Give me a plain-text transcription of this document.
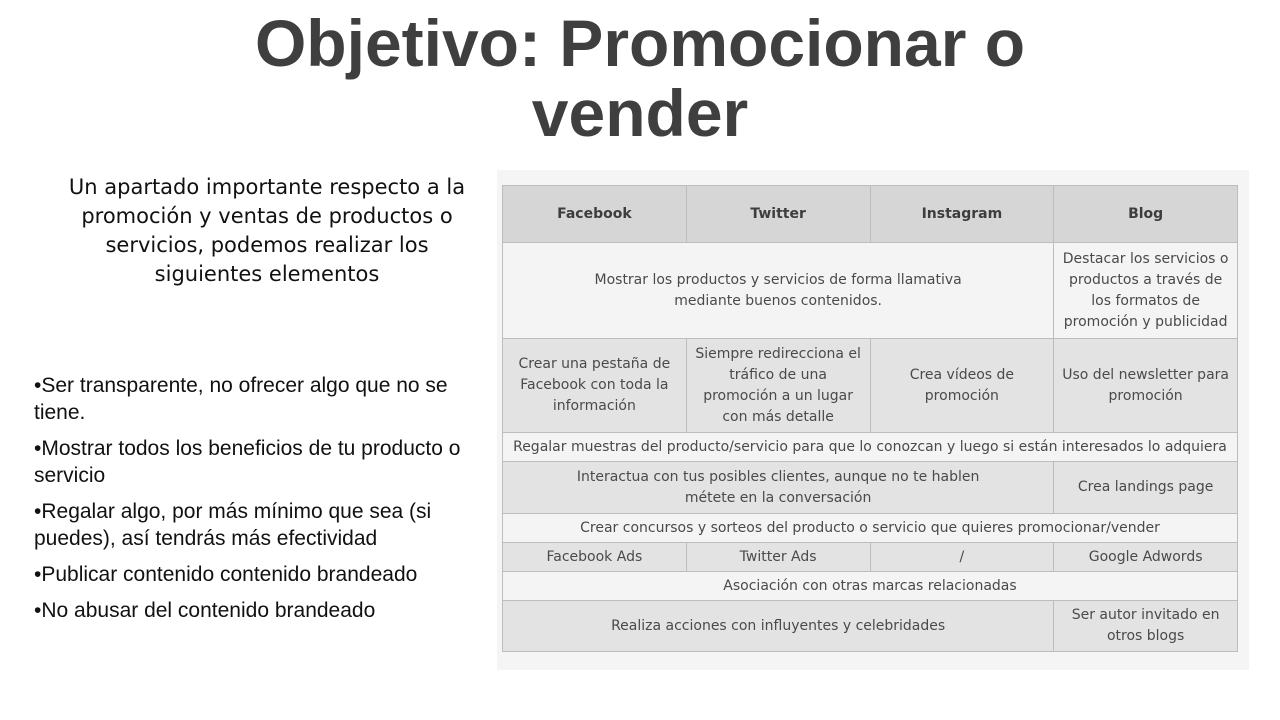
Objetivo: Promocionar o vender
Un apartado importante respecto a la promoción y ventas de productos o servicios, podemos realizar los siguientes elementos
•Ser transparente, no ofrecer algo que no se tiene.
•Mostrar todos los beneficios de tu producto o servicio
•Regalar algo, por más mínimo que sea (si puedes), así tendrás más efectividad
•Publicar contenido contenido brandeado
•No abusar del contenido brandeado
Facebook	Twitter	Instagram	Blog
Mostrar los productos y servicios de forma llamativa mediante buenos contenidos.			Destacar los servicios o productos a través de los formatos de promoción y publicidad
Crear una pestaña de Facebook con toda la información	Siempre redirecciona el tráfico de una promoción a un lugar con más detalle	Crea vídeos de promoción	Uso del newsletter para promoción
Regalar muestras del producto/servicio para que lo conozcan y luego si están interesados lo adquiera			
Interactua con tus posibles clientes, aunque no te hablen métete en la conversación			Crea landings page
Crear concursos y sorteos del producto o servicio que quieres promocionar/vender			
Facebook Ads	Twitter Ads	/	Google Adwords
Asociación con otras marcas relacionadas			
Realiza acciones con influyentes y celebridades			Ser autor invitado en otros blogs
